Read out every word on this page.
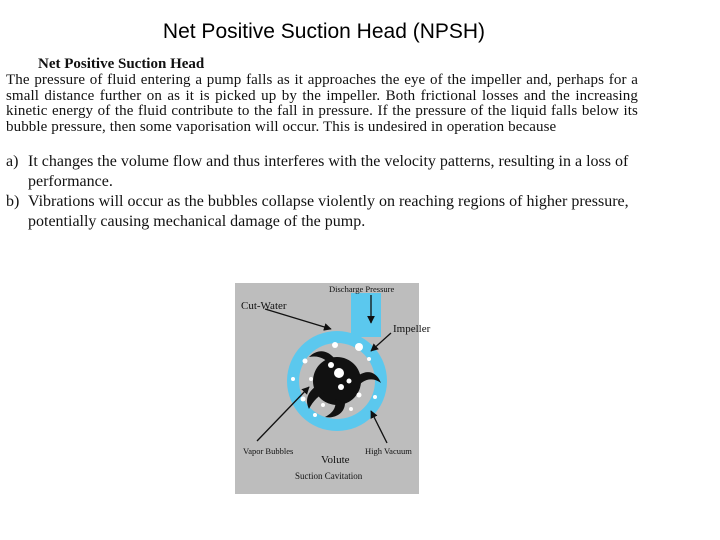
Net Positive Suction Head (NPSH)
Net Positive Suction Head

The pressure of fluid entering a pump falls as it approaches the eye of the impeller and, perhaps for a small distance further on as it is picked up by the impeller. Both frictional losses and the increasing kinetic energy of the fluid contribute to the fall in pressure. If the pressure of the liquid falls below its bubble pressure, then some vaporisation will occur. This is undesired in operation because

a) It changes the volume flow and thus interferes with the velocity patterns, resulting in a loss of performance.
b) Vibrations will occur as the bubbles collapse violently on reaching regions of higher pressure, potentially causing mechanical damage of the pump.
Discharge Pressure
Cut-Water
Impeller
Vapor Bubbles	High Vacuum
Volute
Suction Cavitation
